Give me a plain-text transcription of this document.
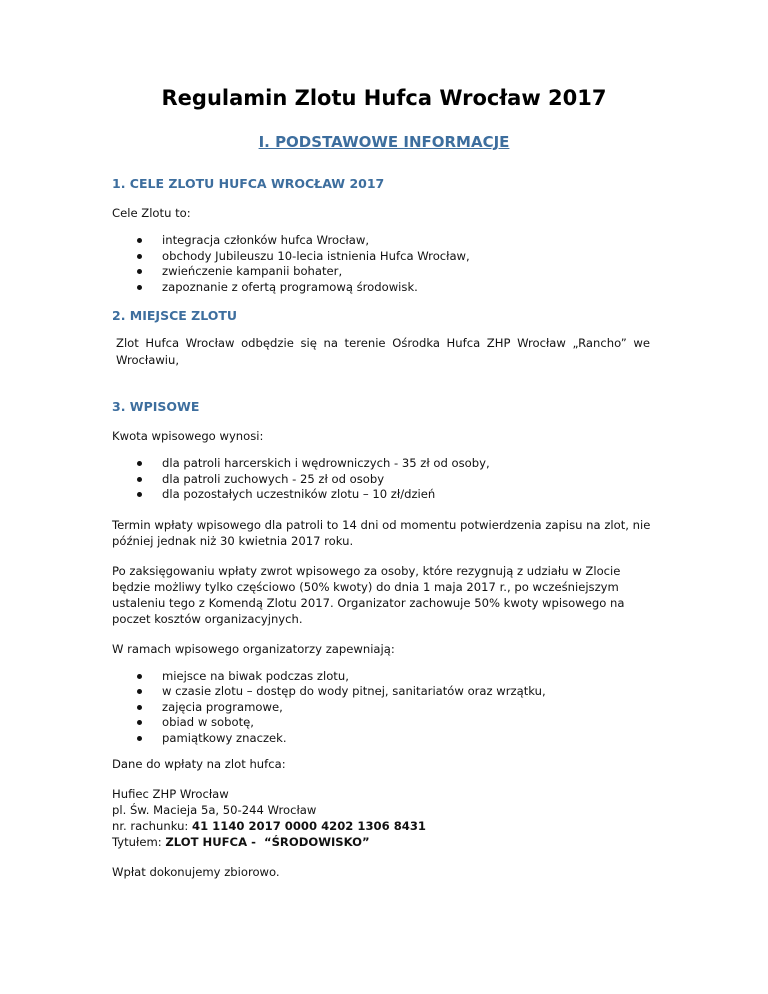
Regulamin Zlotu Hufca Wrocław 2017
I. PODSTAWOWE INFORMACJE
1. CELE ZLOTU HUFCA WROCŁAW 2017

Cele Zlotu to:

integracja członków hufca Wrocław,
obchody Jubileuszu 10-lecia istnienia Hufca Wrocław,
zwieńczenie kampanii bohater,
zapoznanie z ofertą programową środowisk.
2. MIEJSCE ZLOTU

Zlot Hufca Wrocław odbędzie się na terenie Ośrodka Hufca ZHP Wrocław „Rancho” we Wrocławiu,

3. WPISOWE

Kwota wpisowego wynosi:

dla patroli harcerskich i wędrowniczych - 35 zł od osoby,
dla patroli zuchowych - 25 zł od osoby
dla pozostałych uczestników zlotu – 10 zł/dzień

Termin wpłaty wpisowego dla patroli to 14 dni od momentu potwierdzenia zapisu na zlot, nie później jednak niż 30 kwietnia 2017 roku.

Po zaksięgowaniu wpłaty zwrot wpisowego za osoby, które rezygnują z udziału w Zlocie będzie możliwy tylko częściowo (50% kwoty) do dnia 1 maja 2017 r., po wcześniejszym ustaleniu tego z Komendą Zlotu 2017. Organizator zachowuje 50% kwoty wpisowego na poczet kosztów organizacyjnych.

W ramach wpisowego organizatorzy zapewniają:

miejsce na biwak podczas zlotu,
w czasie zlotu – dostęp do wody pitnej, sanitariatów oraz wrzątku,
zajęcia programowe,
obiad w sobotę,
pamiątkowy znaczek.

Dane do wpłaty na zlot hufca:

Hufiec ZHP Wrocław
pl. Św. Macieja 5a, 50-244 Wrocław
nr. rachunku: 41 1140 2017 0000 4202 1306 8431
Tytułem: ZLOT HUFCA -  “ŚRODOWISKO”

Wpłat dokonujemy zbiorowo.
